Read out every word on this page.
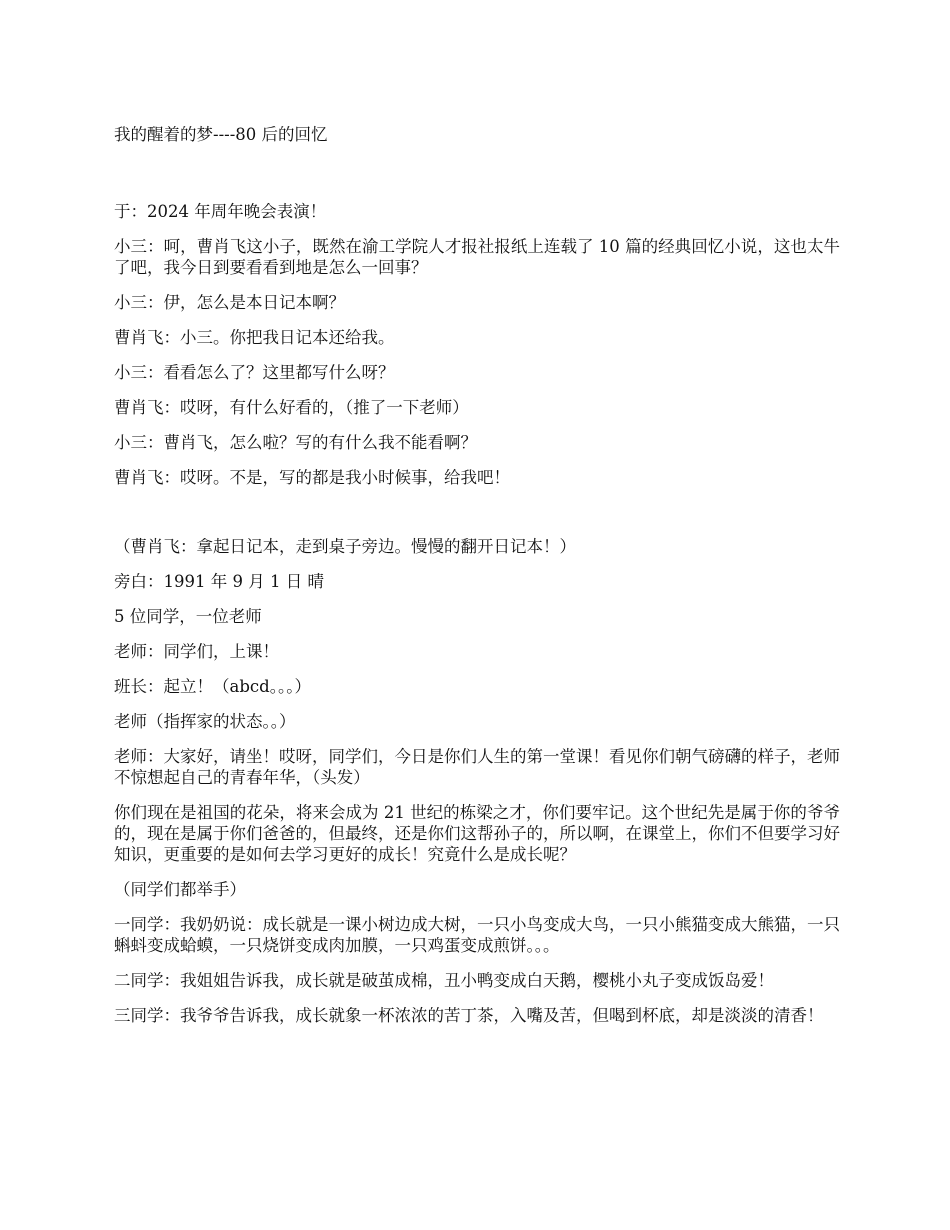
我的醒着的梦----80 后的回忆

于：2024 年周年晚会表演！

小三：呵，曹肖飞这小子，既然在渝工学院人才报社报纸上连载了 10 篇的经典回忆小说，这也太牛了吧，我今日到要看看到地是怎么一回事？

小三：伊，怎么是本日记本啊？

曹肖飞：小三。你把我日记本还给我。

小三：看看怎么了？这里都写什么呀？

曹肖飞：哎呀，有什么好看的，（推了一下老师）

小三：曹肖飞，怎么啦？写的有什么我不能看啊？

曹肖飞：哎呀。不是，写的都是我小时候事，给我吧！

（曹肖飞：拿起日记本，走到桌子旁边。慢慢的翻开日记本！）

旁白：1991 年 9 月 1 日 晴

5 位同学，一位老师

老师：同学们，上课！

班长：起立！（abcd。。。）

老师（指挥家的状态。。）

老师：大家好，请坐！哎呀，同学们，今日是你们人生的第一堂课！看见你们朝气磅礴的样子，老师不惊想起自己的青春年华，（头发）

你们现在是祖国的花朵，将来会成为 21 世纪的栋梁之才，你们要牢记。这个世纪先是属于你的爷爷的，现在是属于你们爸爸的，但最终，还是你们这帮孙子的，所以啊，在课堂上，你们不但要学习好知识，更重要的是如何去学习更好的成长！究竟什么是成长呢？

（同学们都举手）

一同学：我奶奶说：成长就是一课小树边成大树，一只小鸟变成大鸟，一只小熊猫变成大熊猫，一只蝌蚪变成蛤蟆，一只烧饼变成肉加膜，一只鸡蛋变成煎饼。。。

二同学：我姐姐告诉我，成长就是破茧成棉，丑小鸭变成白天鹅，樱桃小丸子变成饭岛爱！

三同学：我爷爷告诉我，成长就象一杯浓浓的苦丁茶，入嘴及苦，但喝到杯底，却是淡淡的清香！
